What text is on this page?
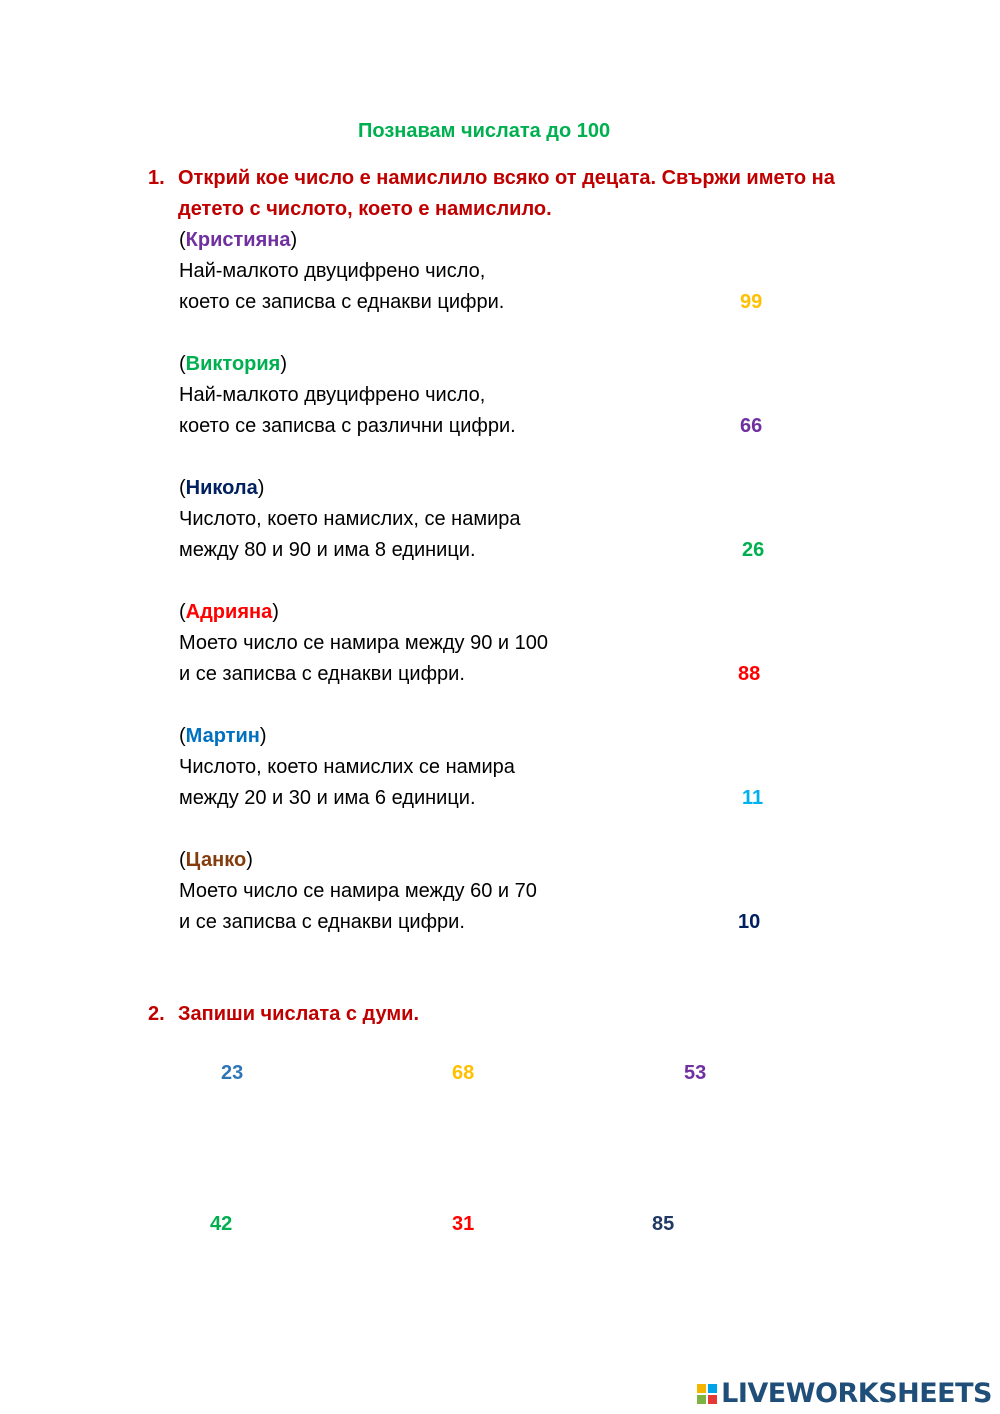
Познавам числата до 100
1. Открий кое число е намислило всяко от децата. Свържи името на
детето с числото, което е намислило.
(Кристияна)
Най-малкото двуцифрено число,
което се записва с еднакви цифри.	99
(Виктория)
Най-малкото двуцифрено число,
което се записва с различни цифри.	66
(Никола)
Числото, което намислих, се намира
между 80 и 90 и има 8 единици.	26
(Адрияна)
Моето число се намира между 90 и 100
и се записва с еднакви цифри.	88
(Мартин)
Числото, което намислих се намира
между 20 и 30 и има 6 единици.	11
(Цанко)
Моето число се намира между 60 и 70
и се записва с еднакви цифри.	10
2. Запиши числата с думи.
23	68	53
42	31	85
LIVEWORKSHEETS
